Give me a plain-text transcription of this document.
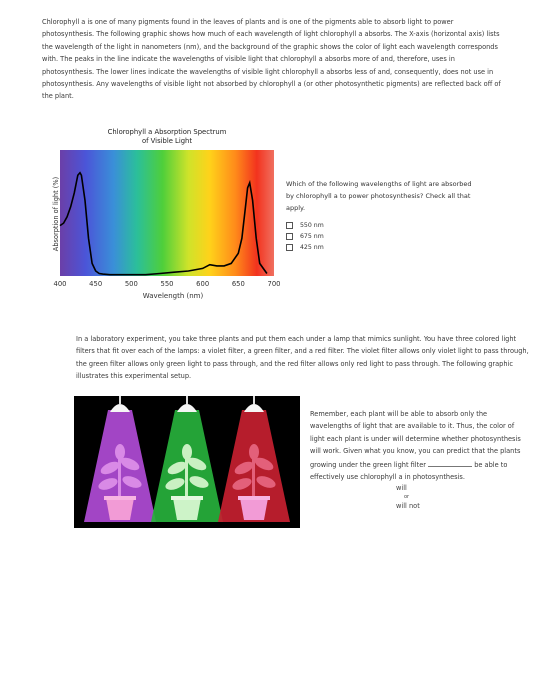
Chlorophyll a is one of many pigments found in the leaves of plants and is one of the pigments able to absorb light to power photosynthesis. The following graphic shows how much of each wavelength of light chlorophyll a absorbs. The X-axis (horizontal axis) lists the wavelength of the light in nanometers (nm), and the background of the graphic shows the color of light each wavelength corresponds with. The peaks in the line indicate the wavelengths of visible light that chlorophyll a absorbs more of and, therefore, uses in photosynthesis. The lower lines indicate the wavelengths of visible light chlorophyll a absorbs less of and, consequently, does not use in photosynthesis. Any wavelengths of visible light not absorbed by chlorophyll a (or other photosynthetic pigments) are reflected back off of the plant.

400	450	500	550	600	650	700
Chlorophyll a Absorption Spectrum
of Visible Light
Absorption of light (%)
Wavelength (nm)

Which of the following wavelengths of light are absorbed by chlorophyll a to power photosynthesis? Check all that apply.

550 nm
675 nm
425 nm

In a laboratory experiment, you take three plants and put them each under a lamp that mimics sunlight. You have three colored light filters that fit over each of the lamps: a violet filter, a green filter, and a red filter. The violet filter allows only violet light to pass through, the green filter allows only green light to pass through, and the red filter allows only red light to pass through. The following graphic illustrates this experimental setup.

Remember, each plant will be able to absorb only the wavelengths of light that are available to it. Thus, the color of light each plant is under will determine whether photosynthesis will work. Given what you know, you can predict that the plants growing under the green light filter	be able to effectively use chlorophyll a in photosynthesis.

will
or
will not
